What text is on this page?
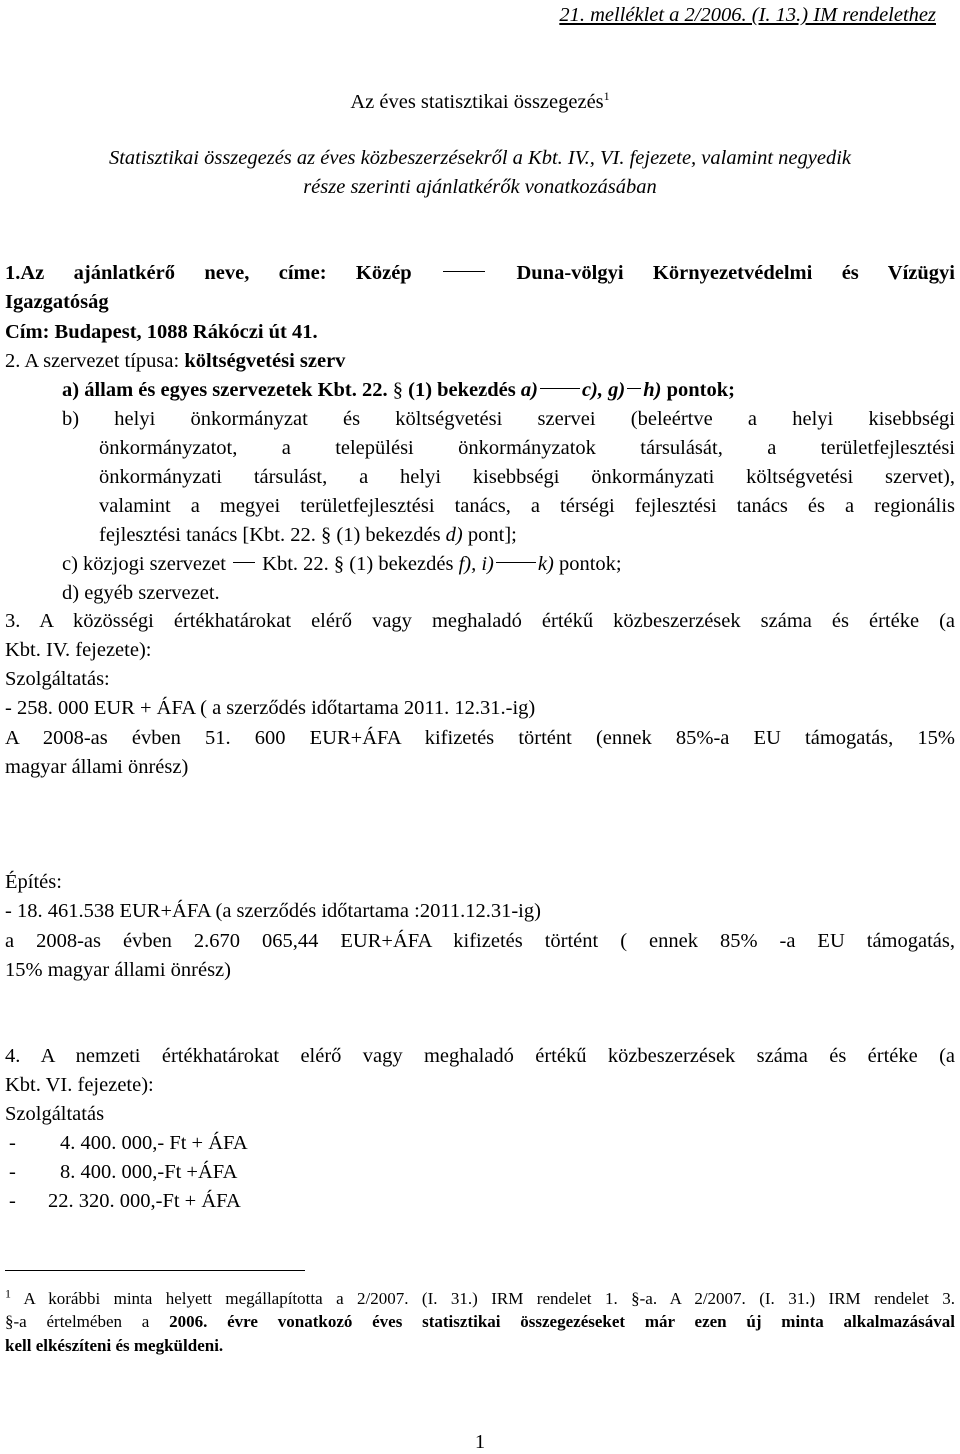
21. melléklet a 2/2006. (I. 13.) IM rendelethez
Az éves statisztikai összegezés$^1$
Statisztikai összegezés az éves közbeszerzésekről a Kbt. IV., VI. fejezete, valamint negyedik
része szerinti ajánlatkérők vonatkozásában
1.Az ajánlatkérő neve, címe: Közép  Duna-völgyi Környezetvédelmi és Vízügyi
Igazgatóság
Cím: Budapest, 1088 Rákóczi út 41.
2. A szervezet típusa: költségvetési szerv
a) állam és egyes szervezetek Kbt. 22. § (1) bekezdés a) c), g) h) pontok;
b) helyi önkormányzat és költségvetési szervei (beleértve a helyi kisebbségi
önkormányzatot, a települési önkormányzatok társulását, a területfejlesztési
önkormányzati társulást, a helyi kisebbségi önkormányzati költségvetési szervet),
valamint a megyei területfejlesztési tanács, a térségi fejlesztési tanács és a regionális
fejlesztési tanács [Kbt. 22. § (1) bekezdés d) pont];
c) közjogi szervezet  Kbt. 22. § (1) bekezdés f), i) k) pontok;
d) egyéb szervezet.
3. A közösségi értékhatárokat elérő vagy meghaladó értékű közbeszerzések száma és értéke (a
Kbt. IV. fejezete):
Szolgáltatás:
- 258. 000 EUR + ÁFA ( a szerződés időtartama 2011. 12.31.-ig)
A 2008-as évben 51. 600 EUR+ÁFA kifizetés történt (ennek 85%-a EU támogatás, 15%
magyar állami önrész)
Építés:
- 18. 461.538 EUR+ÁFA (a szerződés időtartama :2011.12.31-ig)
a 2008-as évben 2.670 065,44 EUR+ÁFA kifizetés történt ( ennek 85% -a EU támogatás,
15% magyar állami önrész)
4. A nemzeti értékhatárokat elérő vagy meghaladó értékű közbeszerzések száma és értéke (a
Kbt. VI. fejezete):
Szolgáltatás
- 4. 400. 000,- Ft + ÁFA
- 8. 400. 000,-Ft +ÁFA
- 22. 320. 000,-Ft + ÁFA
$^1$ A korábbi minta helyett megállapította a 2/2007. (I. 31.) IRM rendelet 1. §-a. A 2/2007. (I. 31.) IRM rendelet 3.
§-a értelmében a 2006. évre vonatkozó éves statisztikai összegezéseket már ezen új minta alkalmazásával
kell elkészíteni és megküldeni.
1
